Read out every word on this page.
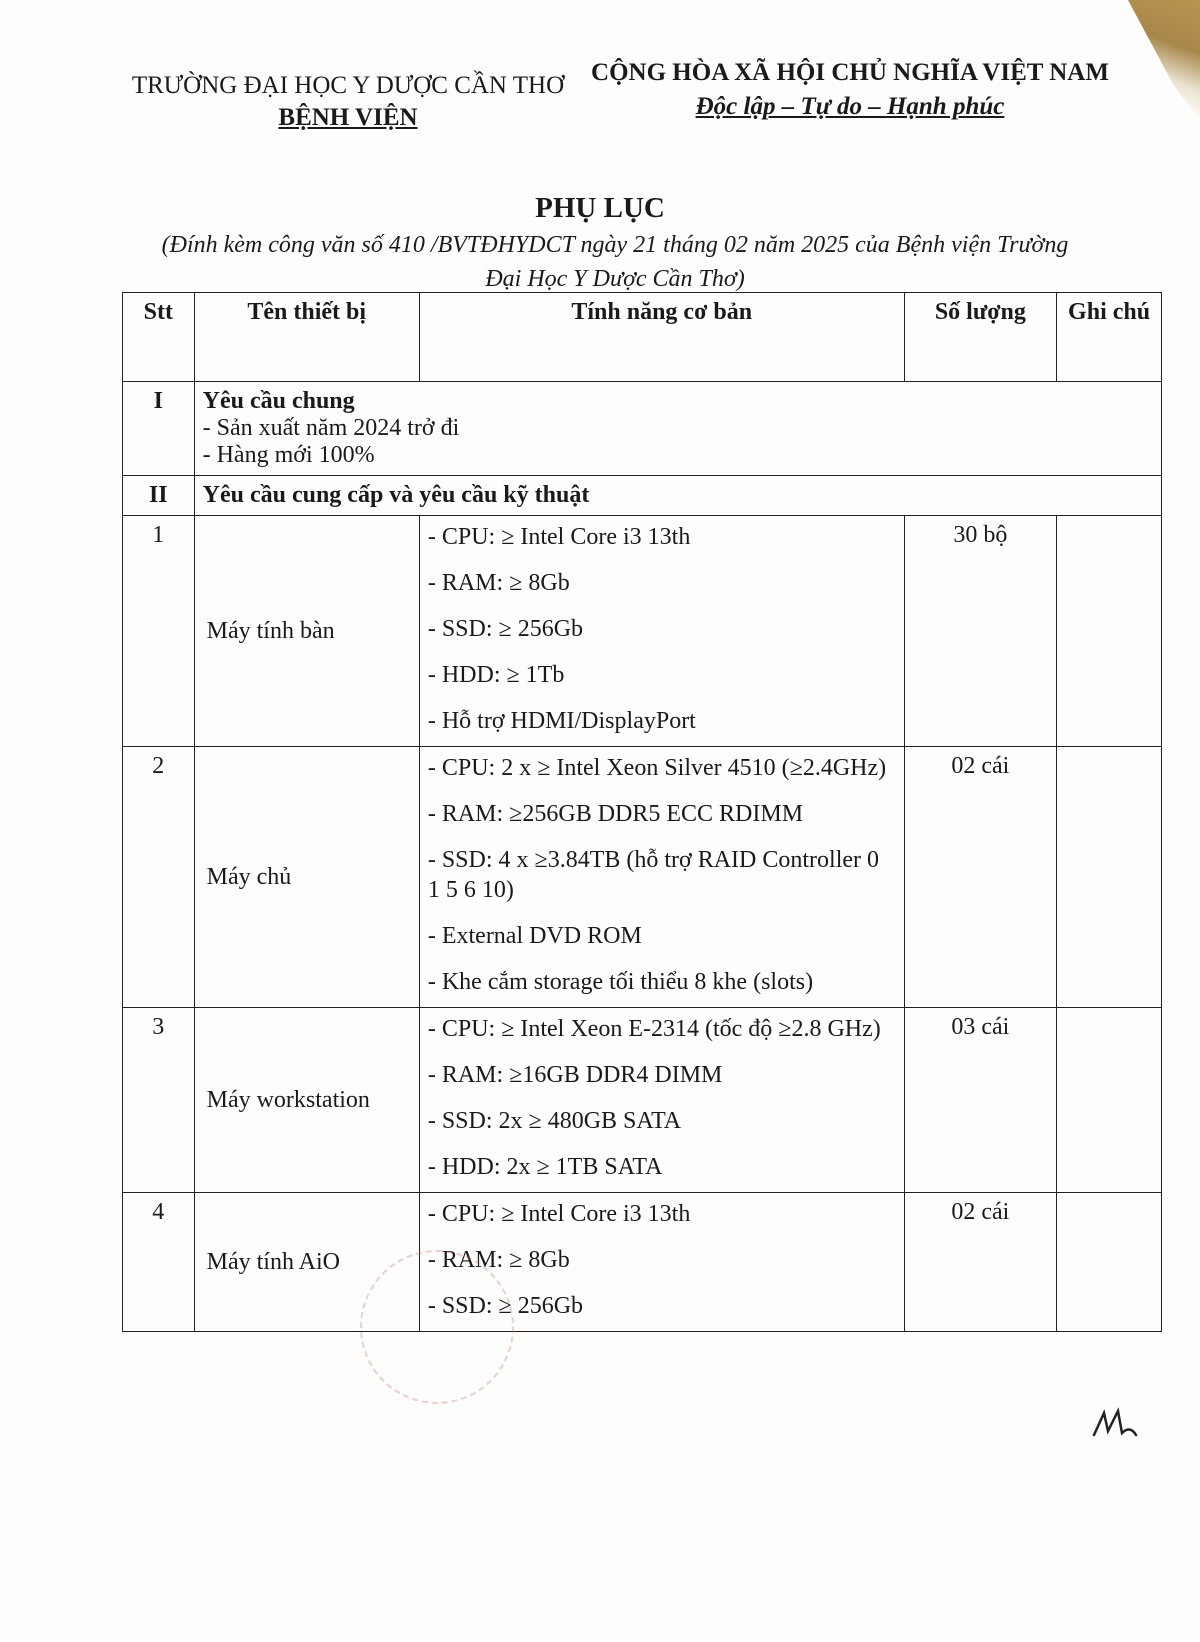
TRƯỜNG ĐẠI HỌC Y DƯỢC CẦN THƠ
BỆNH VIỆN
CỘNG HÒA XÃ HỘI CHỦ NGHĨA VIỆT NAM
Độc lập – Tự do – Hạnh phúc
PHỤ LỤC
(Đính kèm công văn số 410 /BVTĐHYDCT ngày 21 tháng 02 năm 2025 của Bệnh viện Trường Đại Học Y Dược Cần Thơ)
Stt	Tên thiết bị	Tính năng cơ bản	Số lượng	Ghi chú
I	Yêu cầu chung
- Sản xuất năm 2024 trở đi
- Hàng mới 100%			

II	Yêu cầu cung cấp và yêu cầu kỹ thuật			
1	Máy tính bàn	- CPU: ≥ Intel Core i3 13th
- RAM: ≥ 8Gb
- SSD: ≥ 256Gb
- HDD: ≥ 1Tb
- Hỗ trợ HDMI/DisplayPort	30 bộ	
2	Máy chủ	- CPU: 2 x ≥ Intel Xeon Silver 4510 (≥2.4GHz)
- RAM: ≥256GB DDR5 ECC RDIMM
- SSD: 4 x ≥3.84TB (hỗ trợ RAID Controller 0 1 5 6 10)
- External DVD ROM
- Khe cắm storage tối thiểu 8 khe (slots)	02 cái	
3	Máy workstation	- CPU: ≥ Intel Xeon E-2314 (tốc độ ≥2.8 GHz)
- RAM: ≥16GB DDR4 DIMM
- SSD: 2x ≥ 480GB SATA
- HDD: 2x ≥ 1TB SATA	03 cái	
4	Máy tính AiO	- CPU: ≥ Intel Core i3 13th
- RAM: ≥ 8Gb
- SSD: ≥ 256Gb	02 cái	
